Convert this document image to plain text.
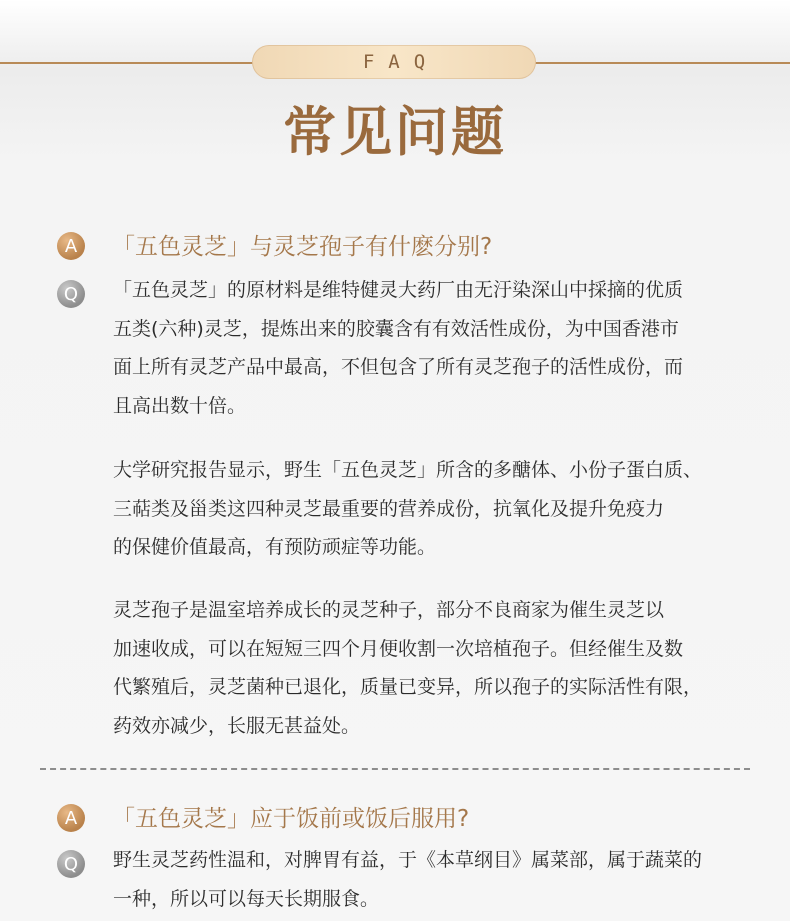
FAQ
常见问题
A 「五色灵芝」与灵芝孢子有什麽分别?
Q 「五色灵芝」的原材料是维特健灵大药厂由无汙染深山中採摘的优质
五类(六种)灵芝，提炼出来的胶囊含有有效活性成份，为中国香港市
面上所有灵芝产品中最高，不但包含了所有灵芝孢子的活性成份，而
且高出数十倍。
大学研究报告显示，野生「五色灵芝」所含的多醣体、小份子蛋白质、
三萜类及甾类这四种灵芝最重要的营养成份，抗氧化及提升免疫力
的保健价值最高，有预防顽症等功能。
灵芝孢子是温室培养成长的灵芝种子，部分不良商家为催生灵芝以
加速收成，可以在短短三四个月便收割一次培植孢子。但经催生及数
代繁殖后，灵芝菌种已退化，质量已变异，所以孢子的实际活性有限，
药效亦减少，长服无甚益处。
A 「五色灵芝」应于饭前或饭后服用?
Q 野生灵芝药性温和，对脾胃有益，于《本草纲目》属菜部，属于蔬菜的
一种，所以可以每天长期服食。
